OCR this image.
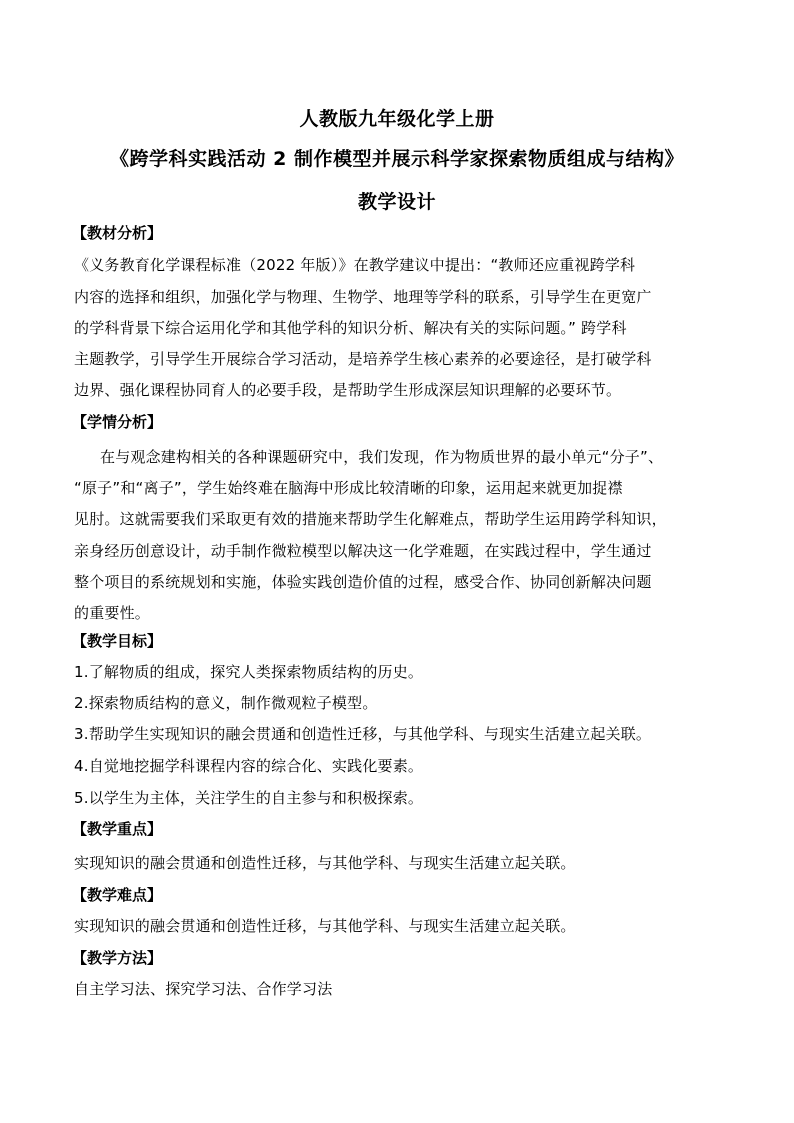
人教版九年级化学上册
《跨学科实践活动 2 制作模型并展示科学家探索物质组成与结构》
教学设计
【教材分析】
《义务教育化学课程标准（2022 年版）》在教学建议中提出：“教师还应重视跨学科
内容的选择和组织，加强化学与物理、生物学、地理等学科的联系，引导学生在更宽广
的学科背景下综合运用化学和其他学科的知识分析、解决有关的实际问题。” 跨学科
主题教学，引导学生开展综合学习活动，是培养学生核心素养的必要途径，是打破学科
边界、强化课程协同育人的必要手段，是帮助学生形成深层知识理解的必要环节。
【学情分析】
在与观念建构相关的各种课题研究中，我们发现，作为物质世界的最小单元“分子”、
“原子”和“离子”，学生始终难在脑海中形成比较清晰的印象，运用起来就更加捉襟
见肘。这就需要我们采取更有效的措施来帮助学生化解难点，帮助学生运用跨学科知识，
亲身经历创意设计，动手制作微粒模型以解决这一化学难题，在实践过程中，学生通过
整个项目的系统规划和实施，体验实践创造价值的过程，感受合作、协同创新解决问题
的重要性。
【教学目标】
1.了解物质的组成，探究人类探索物质结构的历史。
2.探索物质结构的意义，制作微观粒子模型。
3.帮助学生实现知识的融会贯通和创造性迁移，与其他学科、与现实生活建立起关联。
4.自觉地挖掘学科课程内容的综合化、实践化要素。
5.以学生为主体，关注学生的自主参与和积极探索。
【教学重点】
实现知识的融会贯通和创造性迁移，与其他学科、与现实生活建立起关联。
【教学难点】
实现知识的融会贯通和创造性迁移，与其他学科、与现实生活建立起关联。
【教学方法】
自主学习法、探究学习法、合作学习法
